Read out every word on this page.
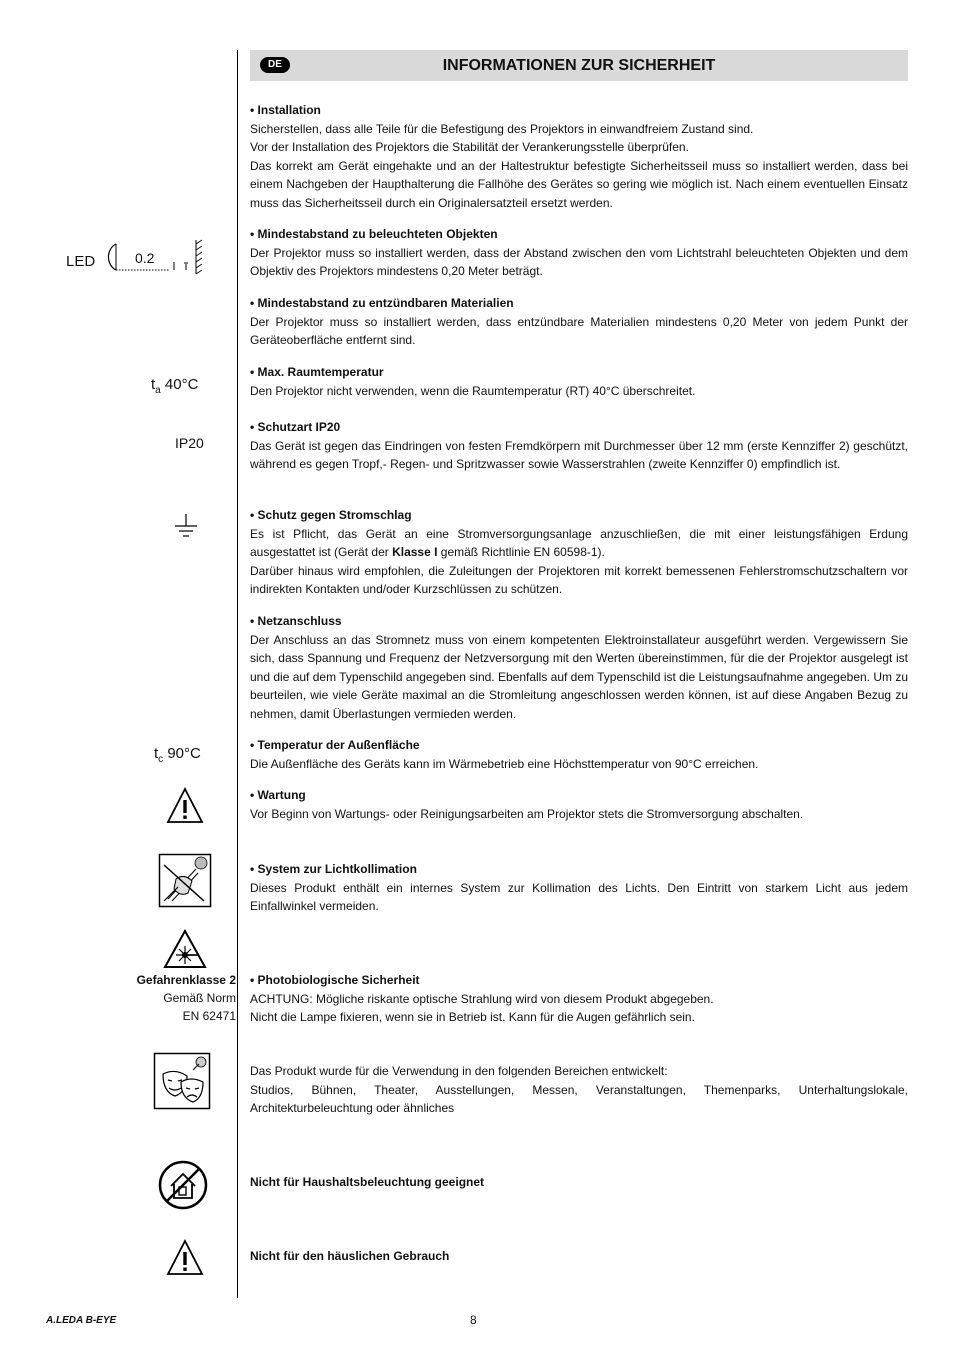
DE	INFORMATIONEN ZUR SICHERHEIT
• Installation

Sicherstellen, dass alle Teile für die Befestigung des Projektors in einwandfreiem Zustand sind.

Vor der Installation des Projektors die Stabilität der Verankerungsstelle überprüfen.

Das korrekt am Gerät eingehakte und an der Haltestruktur befestigte Sicherheitsseil muss so installiert werden, dass bei einem Nachgeben der Haupthalterung die Fallhöhe des Gerätes so gering wie möglich ist. Nach einem eventuellen Einsatz muss das Sicherheitsseil durch ein Originalersatzteil ersetzt werden.

• Mindestabstand zu beleuchteten Objekten

Der Projektor muss so installiert werden, dass der Abstand zwischen den vom Lichtstrahl beleuchteten Objekten und dem Objektiv des Projektors mindestens 0,20 Meter beträgt.

• Mindestabstand zu entzündbaren Materialien

Der Projektor muss so installiert werden, dass entzündbare Materialien mindestens 0,20 Meter von jedem Punkt der Geräteoberfläche entfernt sind.

• Max. Raumtemperatur

Den Projektor nicht verwenden, wenn die Raumtemperatur (RT) 40°C überschreitet.

• Schutzart IP20

Das Gerät ist gegen das Eindringen von festen Fremdkörpern mit Durchmesser über 12 mm (erste Kennziffer 2) geschützt, während es gegen Tropf,- Regen- und Spritzwasser sowie Wasserstrahlen (zweite Kennziffer 0) empfindlich ist.

• Schutz gegen Stromschlag

Es ist Pflicht, das Gerät an eine Stromversorgungsanlage anzuschließen, die mit einer leistungsfähigen Erdung ausgestattet ist (Gerät der Klasse I gemäß Richtlinie EN 60598-1).

Darüber hinaus wird empfohlen, die Zuleitungen der Projektoren mit korrekt bemessenen Fehlerstromschutzschaltern vor indirekten Kontakten und/oder Kurzschlüssen zu schützen.

• Netzanschluss

Der Anschluss an das Stromnetz muss von einem kompetenten Elektroinstallateur ausgeführt werden. Vergewissern Sie sich, dass Spannung und Frequenz der Netzversorgung mit den Werten übereinstimmen, für die der Projektor ausgelegt ist und die auf dem Typenschild angegeben sind. Ebenfalls auf dem Typenschild ist die Leistungsaufnahme angegeben. Um zu beurteilen, wie viele Geräte maximal an die Stromleitung angeschlossen werden können, ist auf diese Angaben Bezug zu nehmen, damit Überlastungen vermieden werden.

• Temperatur der Außenfläche

Die Außenfläche des Geräts kann im Wärmebetrieb eine Höchsttemperatur von 90°C erreichen.

• Wartung

Vor Beginn von Wartungs- oder Reinigungsarbeiten am Projektor stets die Stromversorgung abschalten.

• System zur Lichtkollimation

Dieses Produkt enthält ein internes System zur Kollimation des Lichts. Den Eintritt von starkem Licht aus jedem Einfallwinkel vermeiden.

• Photobiologische Sicherheit

ACHTUNG: Mögliche riskante optische Strahlung wird von diesem Produkt abgegeben.

Nicht die Lampe fixieren, wenn sie in Betrieb ist. Kann für die Augen gefährlich sein.

Das Produkt wurde für die Verwendung in den folgenden Bereichen entwickelt:

Studios, Bühnen, Theater, Ausstellungen, Messen, Veranstaltungen, Themenparks, Unterhaltungslokale, Architekturbeleuchtung oder ähnliches

Nicht für Haushaltsbeleuchtung geeignet
Nicht für den häuslichen Gebrauch
LED	0.2
$t_a$ 40°C
IP20
$t_c$ 90°C
Gefahrenklasse 2
Gemäß Norm
EN 62471
A.LEDA B-EYE	8
